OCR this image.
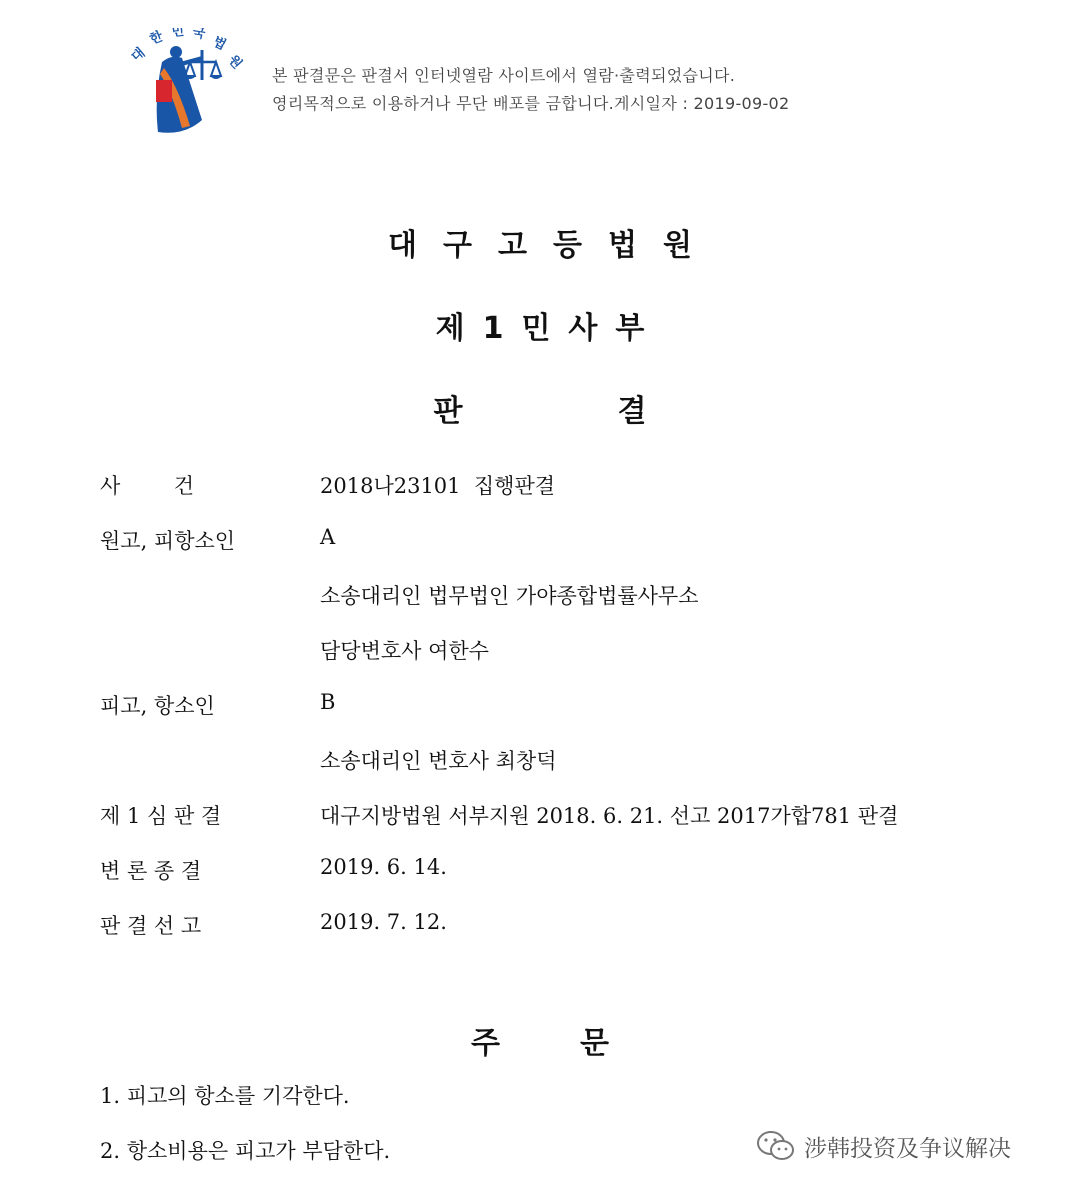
대
한 민 국
법
원
본 판결문은 판결서 인터넷열람 사이트에서 열람·출력되었습니다.
영리목적으로 이용하거나 무단 배포를 금합니다.게시일자 : 2019-09-02
대구고등법원
제1민사부
판	결
사        건	2018나23101  집행판결
원고, 피항소인	A
소송대리인 법무법인 가야종합법률사무소
담당변호사 여한수
피고, 항소인	B
소송대리인 변호사 최창덕
제 1 심 판 결	대구지방법원 서부지원 2018. 6. 21. 선고 2017가합781 판결
변 론 종 결	2019. 6. 14.
판 결 선 고	2019. 7. 12.
주	문
1. 피고의 항소를 기각한다.
2. 항소비용은 피고가 부담한다.	涉韩投资及争议解决
